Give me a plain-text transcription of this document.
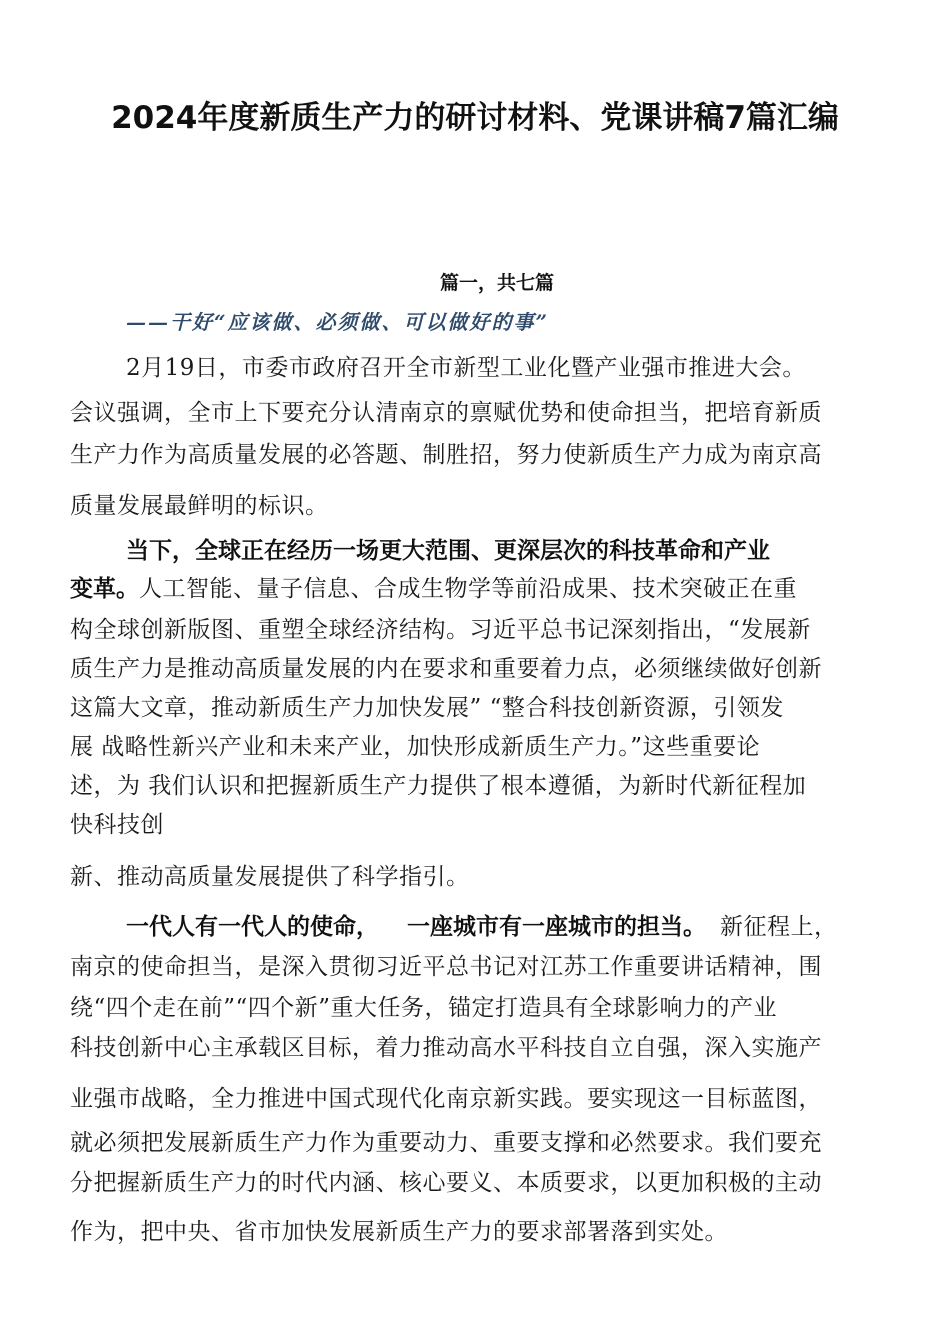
2024年度新质生产力的研讨材料、党课讲稿7篇汇编
篇一，共七篇
——干好“应该做、必须做、可以做好的事”
2月19日，市委市政府召开全市新型工业化暨产业强市推进大会。
会议强调，全市上下要充分认清南京的禀赋优势和使命担当，把培育新质
生产力作为高质量发展的必答题、制胜招，努力使新质生产力成为南京高
质量发展最鲜明的标识。
当下，全球正在经历一场更大范围、更深层次的科技革命和产业
变革。人工智能、量子信息、合成生物学等前沿成果、技术突破正在重
构全球创新版图、重塑全球经济结构。习近平总书记深刻指出，“发展新
质生产力是推动高质量发展的内在要求和重要着力点，必须继续做好创新
这篇大文章，推动新质生产力加快发展” “整合科技创新资源，引领发
展 战略性新兴产业和未来产业，加快形成新质生产力。”这些重要论
述，为 我们认识和把握新质生产力提供了根本遵循，为新时代新征程加
快科技创
新、推动高质量发展提供了科学指引。
一代人有一代人的使命， 一座城市有一座城市的担当。 新征程上，
南京的使命担当，是深入贯彻习近平总书记对江苏工作重要讲话精神，围
绕“四个走在前”“四个新”重大任务，锚定打造具有全球影响力的产业
科技创新中心主承载区目标，着力推动高水平科技自立自强，深入实施产
业强市战略，全力推进中国式现代化南京新实践。要实现这一目标蓝图，
就必须把发展新质生产力作为重要动力、重要支撑和必然要求。我们要充
分把握新质生产力的时代内涵、核心要义、本质要求，以更加积极的主动
作为，把中央、省市加快发展新质生产力的要求部署落到实处。
